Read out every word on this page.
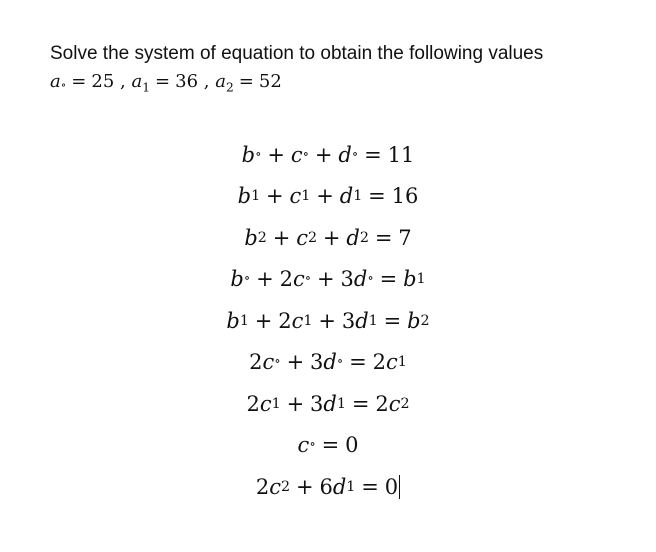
Solve the system of equation to obtain the following values
a∘ = 25 , $a_1 = 36$ , $a_2 = 52$
b ∘ + c ∘ + d ∘ = 11
b 1 + c 1 + d 1 = 16
b 2 + c 2 + d 2 = 7
b ∘ + 2 c ∘ + 3 d ∘ = b 1
b 1 + 2 c 1 + 3 d 1 = b 2
2 c ∘ + 3 d ∘ = 2 c 1
2 c 1 + 3 d 1 = 2 c 2
c ∘ = 0
2 c 2 + 6 d 1 = 0
